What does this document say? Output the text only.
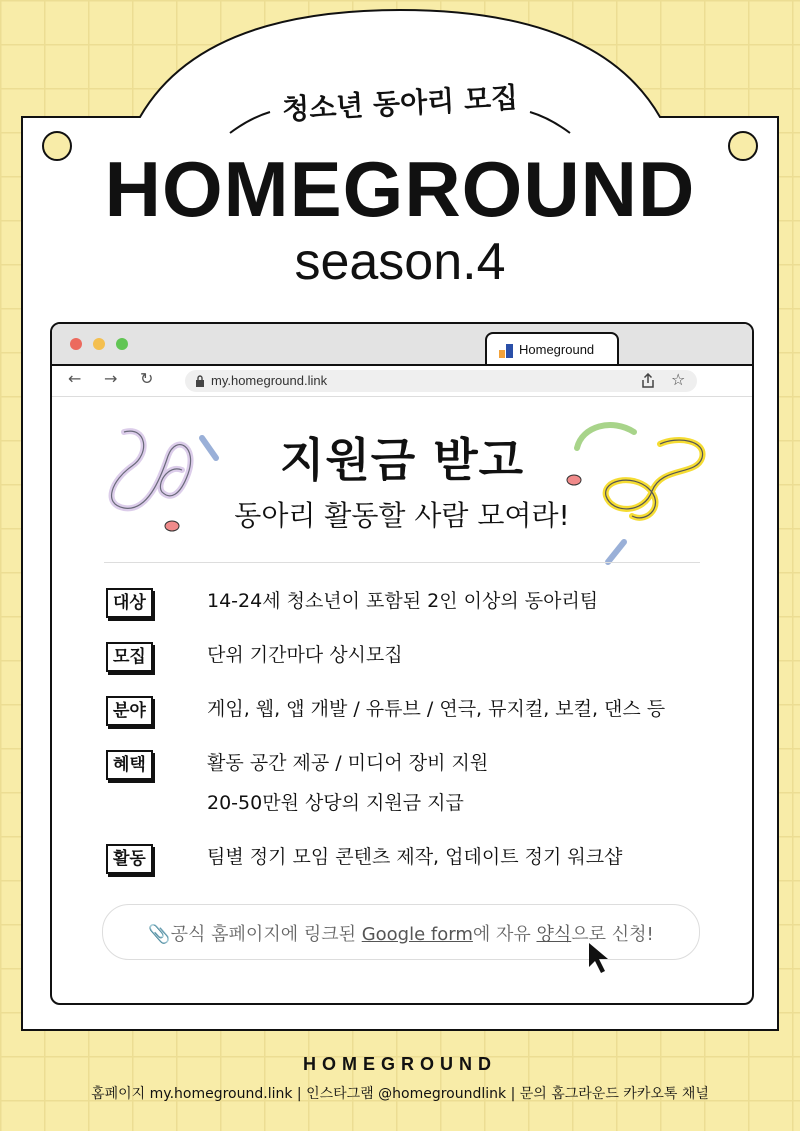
청소년 동아리 모집
HOMEGROUND
season.4
Homeground
← → ↻	my.homeground.link	☆
지원금 받고
동아리 활동할 사람 모여라!
대상	14-24세 청소년이 포함된 2인 이상의 동아리팀
모집	단위 기간마다 상시모집
분야	게임, 웹, 앱 개발 / 유튜브 / 연극, 뮤지컬, 보컬, 댄스 등
혜택	활동 공간 제공 / 미디어 장비 지원
20-50만원 상당의 지원금 지급
활동	팀별 정기 모임 콘텐츠 제작, 업데이트 정기 워크샵
📎공식 홈페이지에 링크된 Google form에 자유 양식으로 신청!
HOMEGROUND
홈페이지 my.homeground.link | 인스타그램 @homegroundlink | 문의 홈그라운드 카카오톡 채널
